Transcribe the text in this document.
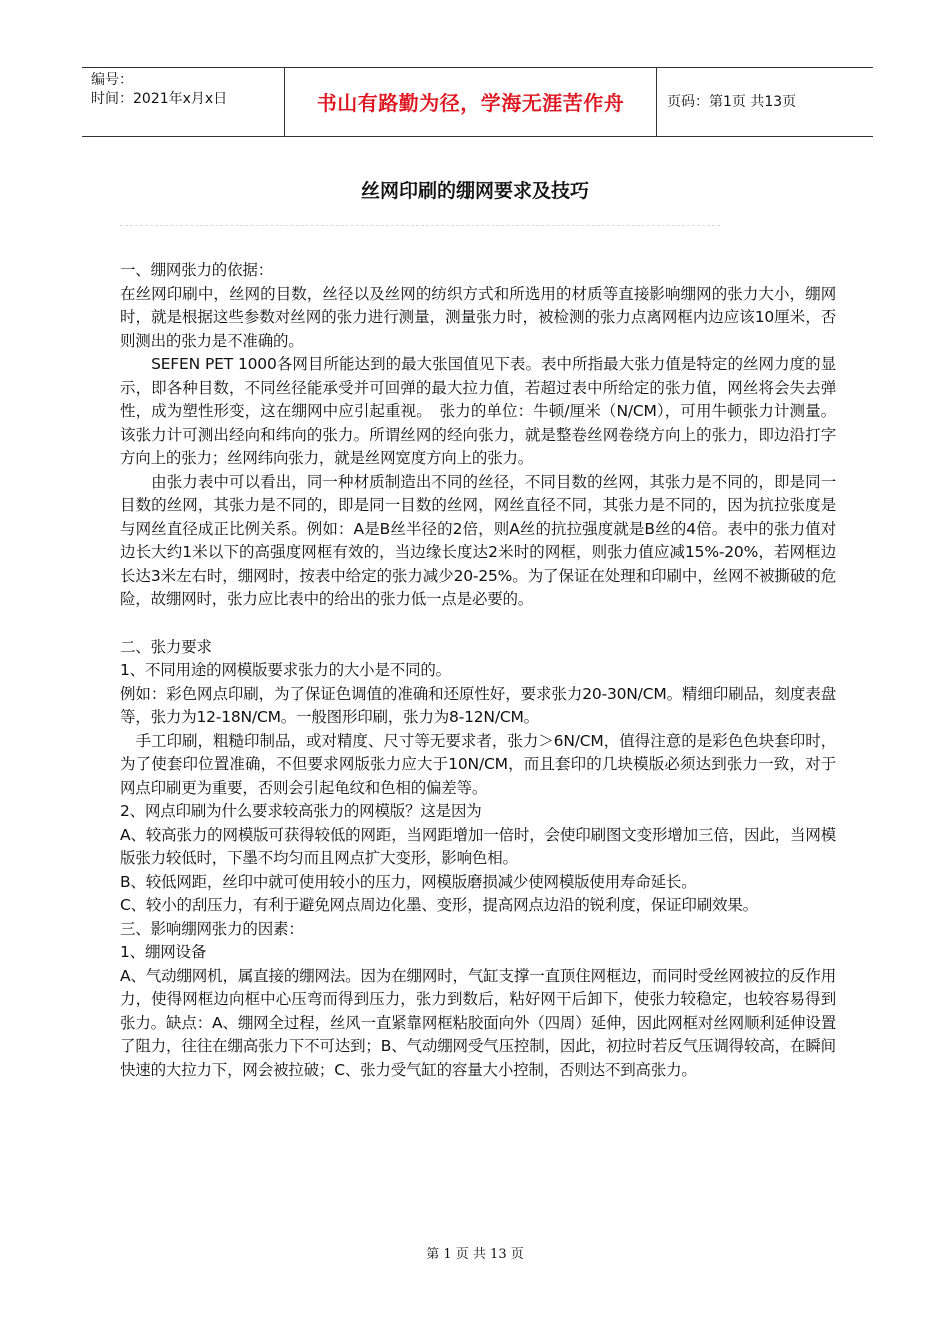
编号：
时间：2021年x月x日	书山有路勤为径，学海无涯苦作舟	页码：第1页 共13页
丝网印刷的绷网要求及技巧

一、绷网张力的依据：

在丝网印刷中，丝网的目数，丝径以及丝网的纺织方式和所选用的材质等直接影响绷网的张力大小，绷网时，就是根据这些参数对丝网的张力进行测量，测量张力时，被检测的张力点离网框内边应该10厘米，否则测出的张力是不准确的。

　　SEFEN PET 1000各网目所能达到的最大张国值见下表。表中所指最大张力值是特定的丝网力度的显示，即各种目数，不同丝径能承受并可回弹的最大拉力值，若超过表中所给定的张力值，网丝将会失去弹性，成为塑性形变，这在绷网中应引起重视。　张力的单位：牛顿/厘米（N/CM），可用牛顿张力计测量。该张力计可测出经向和纬向的张力。所谓丝网的经向张力，就是整卷丝网卷绕方向上的张力，即边沿打字方向上的张力；丝网纬向张力，就是丝网宽度方向上的张力。

　　由张力表中可以看出，同一种材质制造出不同的丝径，不同目数的丝网，其张力是不同的，即是同一目数的丝网，其张力是不同的，即是同一目数的丝网，网丝直径不同，其张力是不同的，因为抗拉张度是与网丝直径成正比例关系。例如：A是B丝半径的2倍，则A丝的抗拉强度就是B丝的4倍。表中的张力值对边长大约1米以下的高强度网框有效的，当边缘长度达2米时的网框，则张力值应减15%-20%，若网框边长达3米左右时，绷网时，按表中给定的张力减少20-25%。为了保证在处理和印刷中，丝网不被撕破的危险，故绷网时，张力应比表中的给出的张力低一点是必要的。

二、张力要求

1、不同用途的网模版要求张力的大小是不同的。

例如：彩色网点印刷，为了保证色调值的准确和还原性好，要求张力20-30N/CM。精细印刷品，刻度表盘等，张力为12-18N/CM。一般图形印刷，张力为8-12N/CM。

　手工印刷，粗糙印制品，或对精度、尺寸等无要求者，张力＞6N/CM，值得注意的是彩色色块套印时，为了使套印位置准确，不但要求网版张力应大于10N/CM，而且套印的几块模版必须达到张力一致，对于网点印刷更为重要，否则会引起龟纹和色相的偏差等。

2、网点印刷为什么要求较高张力的网模版？这是因为

A、较高张力的网模版可获得较低的网距，当网距增加一倍时，会使印刷图文变形增加三倍，因此，当网模版张力较低时，下墨不均匀而且网点扩大变形，影响色相。

B、较低网距，丝印中就可使用较小的压力，网模版磨损减少使网模版使用寿命延长。

C、较小的刮压力，有利于避免网点周边化墨、变形，提高网点边沿的锐利度，保证印刷效果。

三、影响绷网张力的因素：

1、绷网设备

A、气动绷网机，属直接的绷网法。因为在绷网时，气缸支撑一直顶住网框边，而同时受丝网被拉的反作用力，使得网框边向框中心压弯而得到压力，张力到数后，粘好网干后卸下，使张力较稳定，也较容易得到张力。缺点：A、绷网全过程，丝风一直紧靠网框粘胶面向外（四周）延伸，因此网框对丝网顺利延伸设置了阻力，往往在绷高张力下不可达到；B、气动绷网受气压控制，因此，初拉时若反气压调得较高，在瞬间快速的大拉力下，网会被拉破；C、张力受气缸的容量大小控制，否则达不到高张力。

第 1 页 共 13 页
